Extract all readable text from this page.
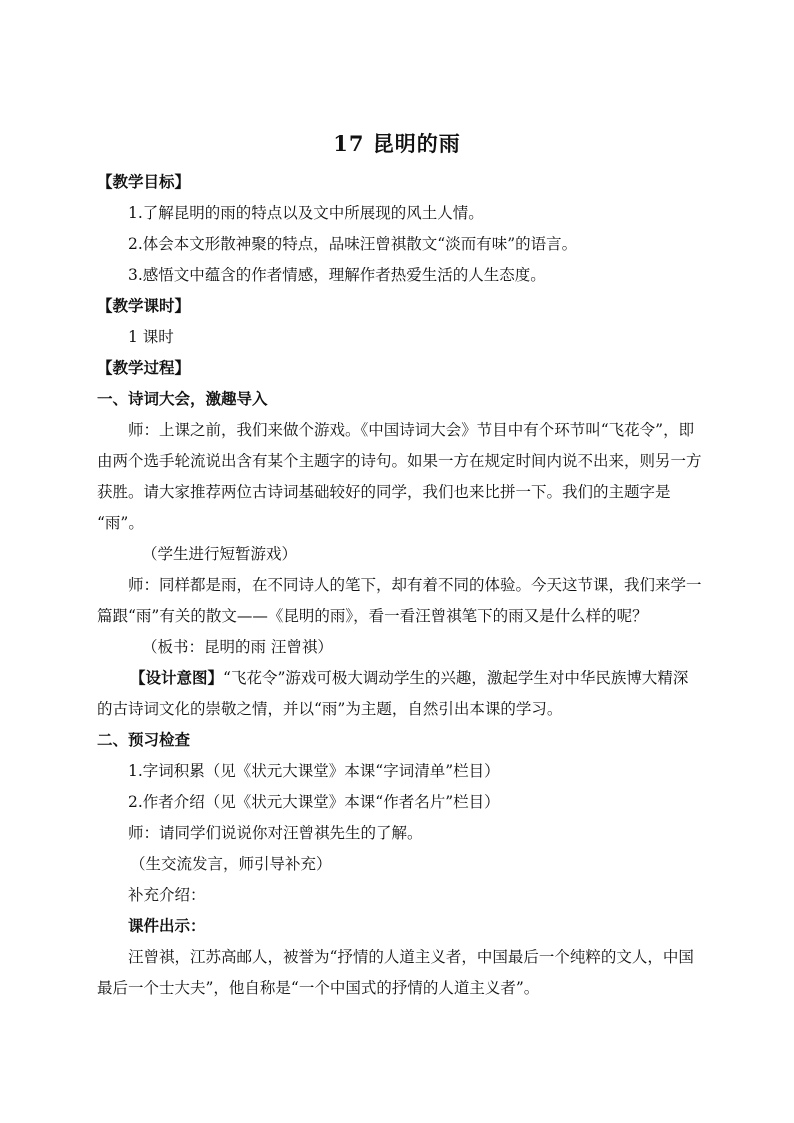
17 昆明的雨
【教学目标】
1.了解昆明的雨的特点以及文中所展现的风土人情。
2.体会本文形散神聚的特点，品味汪曾祺散文“淡而有味”的语言。
3.感悟文中蕴含的作者情感，理解作者热爱生活的人生态度。
【教学课时】
1 课时
【教学过程】
一、诗词大会，激趣导入
师：上课之前，我们来做个游戏。《中国诗词大会》节目中有个环节叫“飞花令”，即
由两个选手轮流说出含有某个主题字的诗句。如果一方在规定时间内说不出来，则另一方
获胜。请大家推荐两位古诗词基础较好的同学，我们也来比拼一下。我们的主题字是
“雨”。
（学生进行短暂游戏）
师：同样都是雨，在不同诗人的笔下，却有着不同的体验。今天这节课，我们来学一
篇跟“雨”有关的散文——《昆明的雨》，看一看汪曾祺笔下的雨又是什么样的呢？
（板书：昆明的雨 汪曾祺）
【设计意图】“飞花令”游戏可极大调动学生的兴趣，激起学生对中华民族博大精深
的古诗词文化的崇敬之情，并以“雨”为主题，自然引出本课的学习。
二、预习检查
1.字词积累（见《状元大课堂》本课“字词清单”栏目）
2.作者介绍（见《状元大课堂》本课“作者名片”栏目）
师：请同学们说说你对汪曾祺先生的了解。
（生交流发言，师引导补充）
补充介绍：
课件出示：
汪曾祺，江苏高邮人，被誉为“抒情的人道主义者，中国最后一个纯粹的文人，中国
最后一个士大夫”，他自称是“一个中国式的抒情的人道主义者”。
